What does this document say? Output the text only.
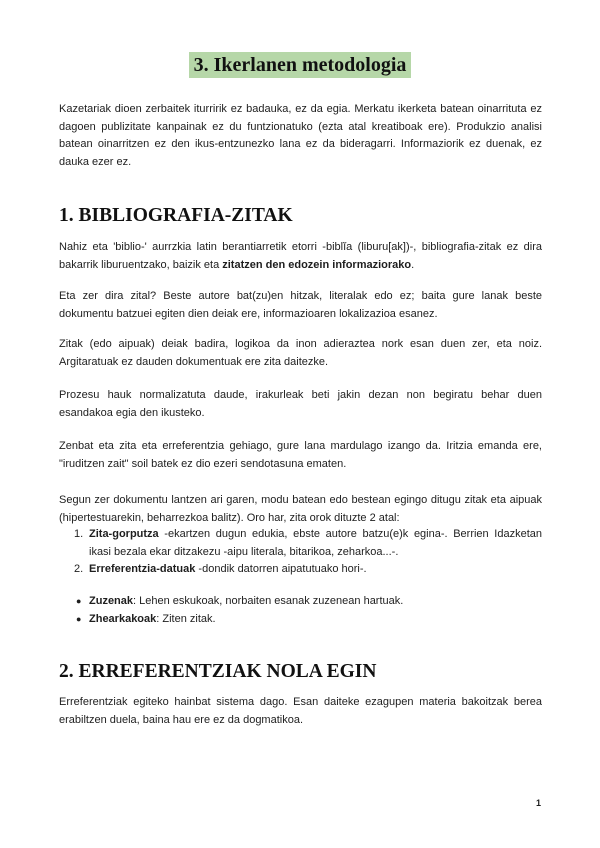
3. Ikerlanen metodologia
Kazetariak dioen zerbaitek iturririk ez badauka, ez da egia. Merkatu ikerketa batean oinarrituta ez dagoen publizitate kanpainak ez du funtzionatuko (ezta atal kreatiboak ere). Produkzio analisi batean oinarritzen ez den ikus-entzunezko lana ez da bideragarri. Informaziorik ez duenak, ez dauka ezer ez.
1. BIBLIOGRAFIA-ZITAK
Nahiz eta 'biblio-' aurrzkia latin berantiarretik etorri -biblĭa (liburu[ak])-, bibliografia-zitak ez dira bakarrik liburuentzako, baizik eta zitatzen den edozein informaziorako.
Eta zer dira zital? Beste autore bat(zu)en hitzak, literalak edo ez; baita gure lanak beste dokumentu batzuei egiten dien deiak ere, informazioaren lokalizazioa esanez.
Zitak (edo aipuak) deiak badira, logikoa da inon adieraztea nork esan duen zer, eta noiz. Argitaratuak ez dauden dokumentuak ere zita daitezke.
Prozesu hauk normalizatuta daude, irakurleak beti jakin dezan non begiratu behar duen esandakoa egia den ikusteko.
Zenbat eta zita eta erreferentzia gehiago, gure lana mardulago izango da. Iritzia emanda ere, "iruditzen zait" soil batek ez dio ezeri sendotasuna ematen.
Segun zer dokumentu lantzen ari garen, modu batean edo bestean egingo ditugu zitak eta aipuak (hipertestuarekin, beharrezkoa balitz). Oro har, zita orok dituzte 2 atal:
1. Zita-gorputza -ekartzen dugun edukia, ebste autore batzu(e)k egina-. Berrien Idazketan ikasi bezala ekar ditzakezu -aipu literala, bitarikoa, zeharkoa...-.
2. Erreferentzia-datuak -dondik datorren aipatutuako hori-.
● Zuzenak: Lehen eskukoak, norbaiten esanak zuzenean hartuak.
● Zhearkakoak: Ziten zitak.
2. ERREFERENTZIAK NOLA EGIN
Erreferentziak egiteko hainbat sistema dago. Esan daiteke ezagupen materia bakoitzak berea erabiltzen duela, baina hau ere ez da dogmatikoa.
1
